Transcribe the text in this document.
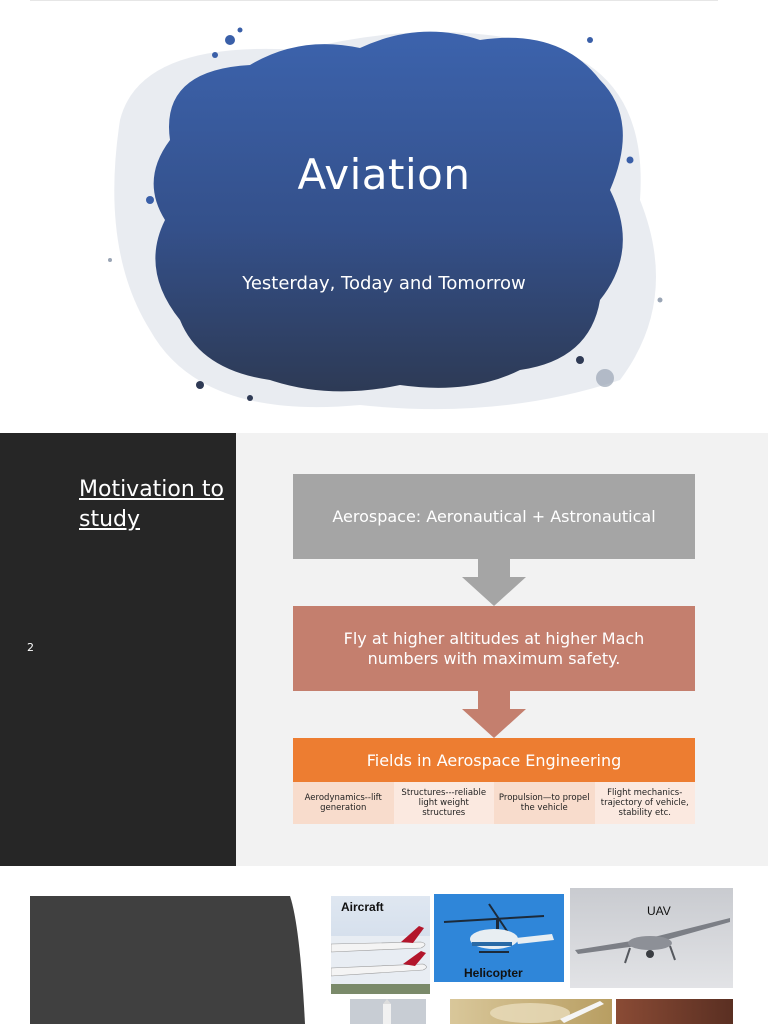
Aviation
Yesterday, Today and Tomorrow
Motivation to study
2
Aerospace: Aeronautical + Astronautical
Fly at higher altitudes at higher Mach numbers with maximum safety.
Fields in Aerospace Engineering
Aerodynamics--lift generation
Structures---reliable light weight structures
Propulsion—to propel the vehicle
Flight mechanics-trajectory of vehicle, stability etc.
Aircraft
Helicopter
UAV
